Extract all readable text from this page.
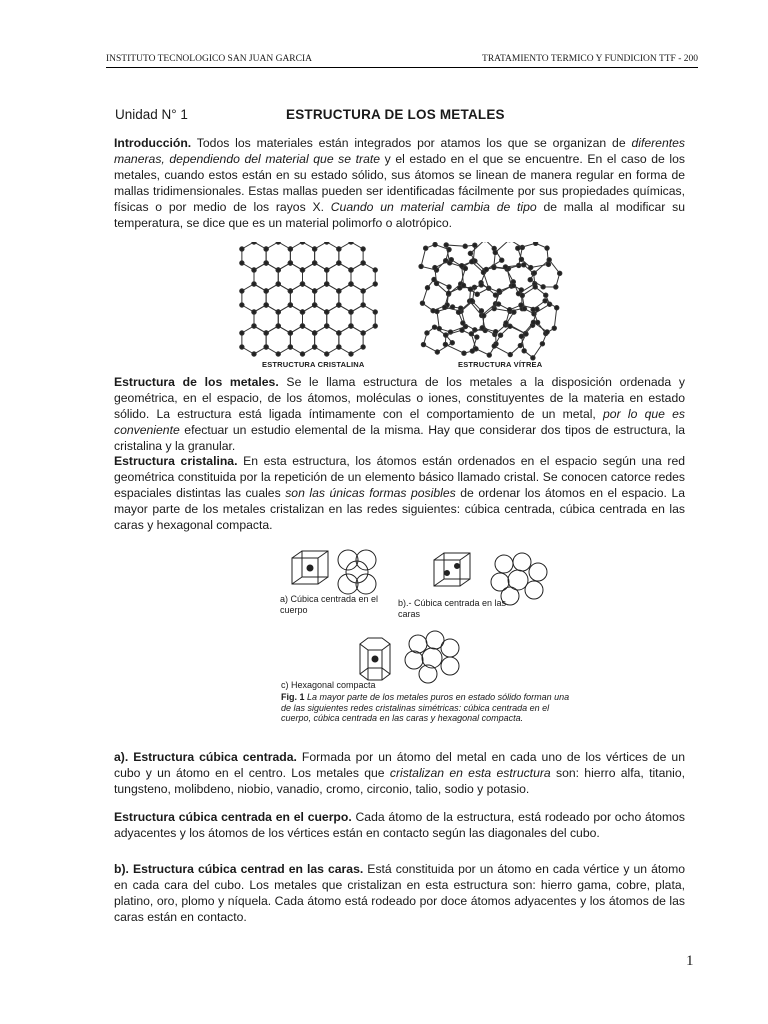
INSTITUTO TECNOLOGICO SAN JUAN GARCIA	TRATAMIENTO TERMICO Y FUNDICION TTF - 200
Unidad N° 1	ESTRUCTURA DE LOS METALES
Introducción. Todos los materiales están integrados por atamos los que se organizan de diferentes maneras, dependiendo del material que se trate y el estado en el que se encuentre. En el caso de los metales, cuando estos están en su estado sólido, sus átomos se linean de manera regular en forma de mallas tridimensionales. Estas mallas pueden ser identificadas fácilmente por sus propiedades químicas, físicas o por medio de los rayos X. Cuando un material cambia de tipo de malla al modificar su temperatura, se dice que es un material polimorfo o alotrópico.
ESTRUCTURA CRISTALINA	ESTRUCTURA VÍTREA
Estructura de los metales. Se le llama estructura de los metales a la disposición ordenada y geométrica, en el espacio, de los átomos, moléculas o iones, constituyentes de la materia en estado sólido. La estructura está ligada íntimamente con el comportamiento de un metal, por lo que es conveniente efectuar un estudio elemental de la misma. Hay que considerar dos tipos de estructura, la cristalina y la granular.
Estructura cristalina. En esta estructura, los átomos están ordenados en el espacio según una red geométrica constituida por la repetición de un elemento básico llamado cristal. Se conocen catorce redes espaciales distintas las cuales son las únicas formas posibles de ordenar los átomos en el espacio. La mayor parte de los metales cristalizan en las redes siguientes: cúbica centrada, cúbica centrada en las caras y hexagonal compacta.
a) Cúbica centrada en el cuerpo
b).- Cúbica centrada en las caras
c) Hexagonal compacta
Fig. 1 La mayor parte de los metales puros en estado sólido forman una de las siguientes redes cristalinas simétricas: cúbica centrada en el cuerpo, cúbica centrada en las caras y hexagonal compacta.
a). Estructura cúbica centrada. Formada por un átomo del metal en cada uno de los vértices de un cubo y un átomo en el centro. Los metales que cristalizan en esta estructura son: hierro alfa, titanio, tungsteno, molibdeno, niobio, vanadio, cromo, circonio, talio, sodio y potasio.
Estructura cúbica centrada en el cuerpo. Cada átomo de la estructura, está rodeado por ocho átomos adyacentes y los átomos de los vértices están en contacto según las diagonales del cubo.
b). Estructura cúbica centrad en las caras. Está constituida por un átomo en cada vértice y un átomo en cada cara del cubo. Los metales que cristalizan en esta estructura son: hierro gama, cobre, plata, platino, oro, plomo y níquela. Cada átomo está rodeado por doce átomos adyacentes y los átomos de las caras están en contacto.
1
